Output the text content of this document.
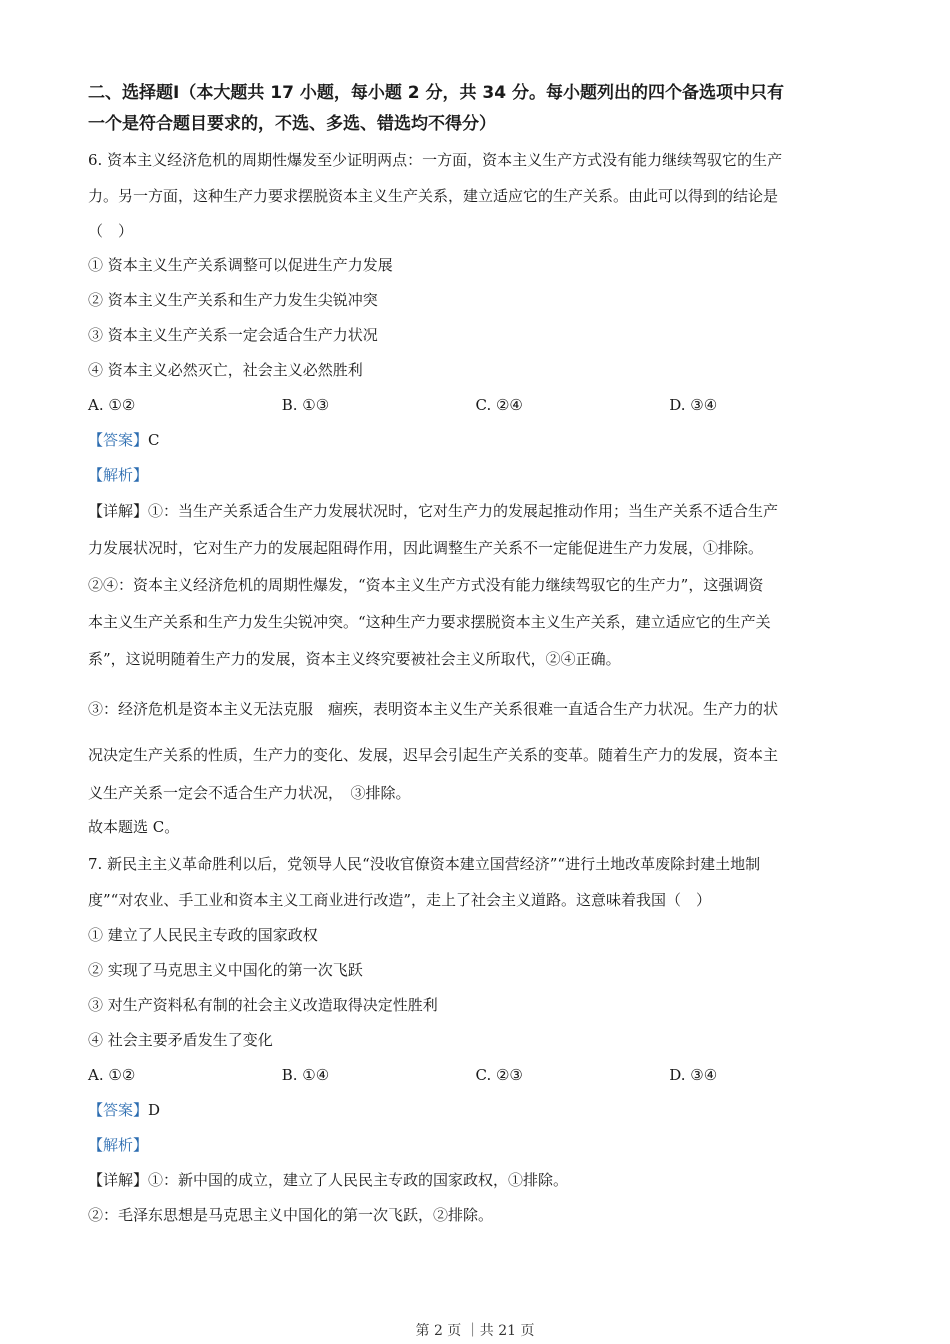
二、选择题Ⅰ（本大题共 17 小题，每小题 2 分，共 34 分。每小题列出的四个备选项中只有
一个是符合题目要求的，不选、多选、错选均不得分）

6. 资本主义经济危机的周期性爆发至少证明两点：一方面，资本主义生产方式没有能力继续驾驭它的生产

力。另一方面，这种生产力要求摆脱资本主义生产关系，建立适应它的生产关系。由此可以得到的结论是

（　）

① 资本主义生产关系调整可以促进生产力发展

② 资本主义生产关系和生产力发生尖锐冲突

③ 资本主义生产关系一定会适合生产力状况

④ 资本主义必然灭亡，社会主义必然胜利

A. ①②	B. ①③	C. ②④	D. ③④
【答案】C
【解析】

【详解】①：当生产关系适合生产力发展状况时，它对生产力的发展起推动作用；当生产关系不适合生产

力发展状况时，它对生产力的发展起阻碍作用，因此调整生产关系不一定能促进生产力发展，①排除。

②④：资本主义经济危机的周期性爆发，“资本主义生产方式没有能力继续驾驭它的生产力”，这强调资

本主义生产关系和生产力发生尖锐冲突。“这种生产力要求摆脱资本主义生产关系，建立适应它的生产关

系”，这说明随着生产力的发展，资本主义终究要被社会主义所取代，②④正确。

③：经济危机是资本主义无法克服　痼疾，表明资本主义生产关系很难一直适合生产力状况。生产力的状

况决定生产关系的性质，生产力的变化、发展，迟早会引起生产关系的变革。随着生产力的发展，资本主

义生产关系一定会不适合生产力状况，　③排除。

故本题选 C。

7. 新民主主义革命胜利以后，党领导人民“没收官僚资本建立国营经济”“进行土地改革废除封建土地制

度”“对农业、手工业和资本主义工商业进行改造”，走上了社会主义道路。这意味着我国（　）

① 建立了人民民主专政的国家政权

② 实现了马克思主义中国化的第一次飞跃

③ 对生产资料私有制的社会主义改造取得决定性胜利

④ 社会主要矛盾发生了变化

A. ①②	B. ①④	C. ②③	D. ③④
【答案】D
【解析】

【详解】①：新中国的成立，建立了人民民主专政的国家政权，①排除。

②：毛泽东思想是马克思主义中国化的第一次飞跃，②排除。

第 2 页 ｜共 21 页
